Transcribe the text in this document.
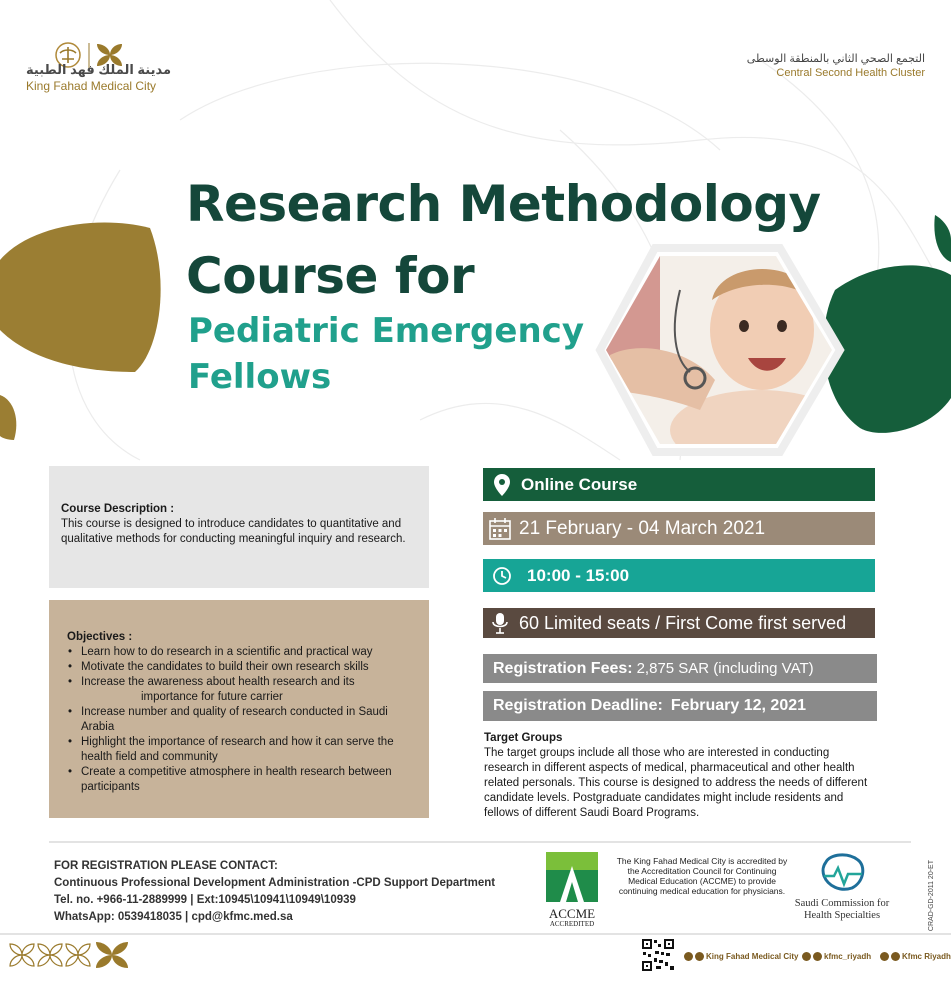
مدينة الملك فهد الطبية
King Fahad Medical City
التجمع الصحي الثاني بالمنطقة الوسطى
Central Second Health Cluster
Research Methodology
Course for
Pediatric Emergency
Fellows
Course Description :
This course is designed to introduce candidates to quantitative and qualitative methods for conducting meaningful inquiry and research.
Objectives :
• Learn how to do research in a scientific and practical way
• Motivate the candidates to build their own research skills
• Increase the awareness about health research and its
importance for future carrier
• Increase number and quality of research conducted in Saudi Arabia
• Highlight the importance of research and how it can serve the health field and community
• Create a competitive atmosphere in health research between participants
Online Course
21 February - 04 March 2021
10:00 - 15:00
60 Limited seats / First Come first served
Registration Fees: 2,875 SAR (including VAT)
Registration Deadline: February 12, 2021
Target Groups
The target groups include all those who are interested in conducting research in different aspects of medical, pharmaceutical and other health related personals. This course is designed to address the needs of different candidate levels. Postgraduate candidates might include residents and fellows of different Saudi Board Programs.
FOR REGISTRATION PLEASE CONTACT:
Continuous Professional Development Administration -CPD Support Department
Tel. no. +966-11-2889999 | Ext:10945\10941\10949\10939
WhatsApp: 0539418035 | cpd@kfmc.med.sa	ACCME
ACCREDITED
The King Fahad Medical City is accredited by the Accreditation Council for Continuing Medical Education (ACCME) to provide continuing medical education for physicians.
Saudi Commission for Health Specialties	CRAD-GD-2011 20-ET
King Fahad Medical City	kfmc_riyadh	Kfmc Riyadh
